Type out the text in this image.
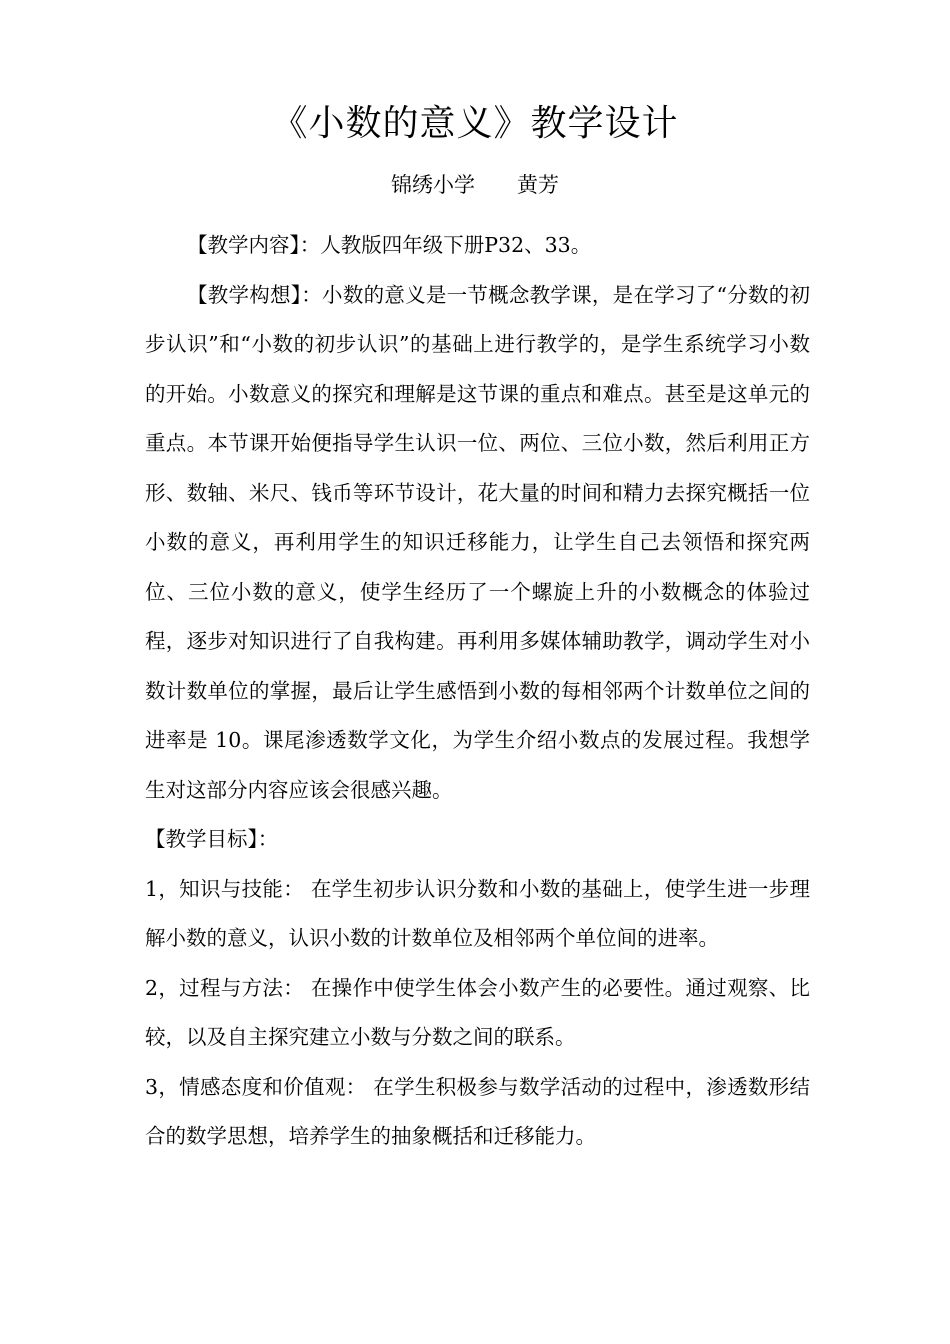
《小数的意义》教学设计
锦绣小学 黄芳

【教学内容】：人教版四年级下册P32、33。

【教学构想】：小数的意义是一节概念教学课，是在学习了“分数的初步认识”和“小数的初步认识”的基础上进行教学的，是学生系统学习小数的开始。小数意义的探究和理解是这节课的重点和难点。甚至是这单元的重点。本节课开始便指导学生认识一位、两位、三位小数，然后利用正方形、数轴、米尺、钱币等环节设计，花大量的时间和精力去探究概括一位小数的意义，再利用学生的知识迁移能力，让学生自己去领悟和探究两位、三位小数的意义，使学生经历了一个螺旋上升的小数概念的体验过程，逐步对知识进行了自我构建。再利用多媒体辅助教学，调动学生对小数计数单位的掌握，最后让学生感悟到小数的每相邻两个计数单位之间的进率是 10。课尾渗透数学文化，为学生介绍小数点的发展过程。我想学生对这部分内容应该会很感兴趣。

【教学目标】：

1，知识与技能： 在学生初步认识分数和小数的基础上，使学生进一步理解小数的意义，认识小数的计数单位及相邻两个单位间的进率。

2，过程与方法： 在操作中使学生体会小数产生的必要性。通过观察、比较，以及自主探究建立小数与分数之间的联系。

3，情感态度和价值观： 在学生积极参与数学活动的过程中，渗透数形结合的数学思想，培养学生的抽象概括和迁移能力。
